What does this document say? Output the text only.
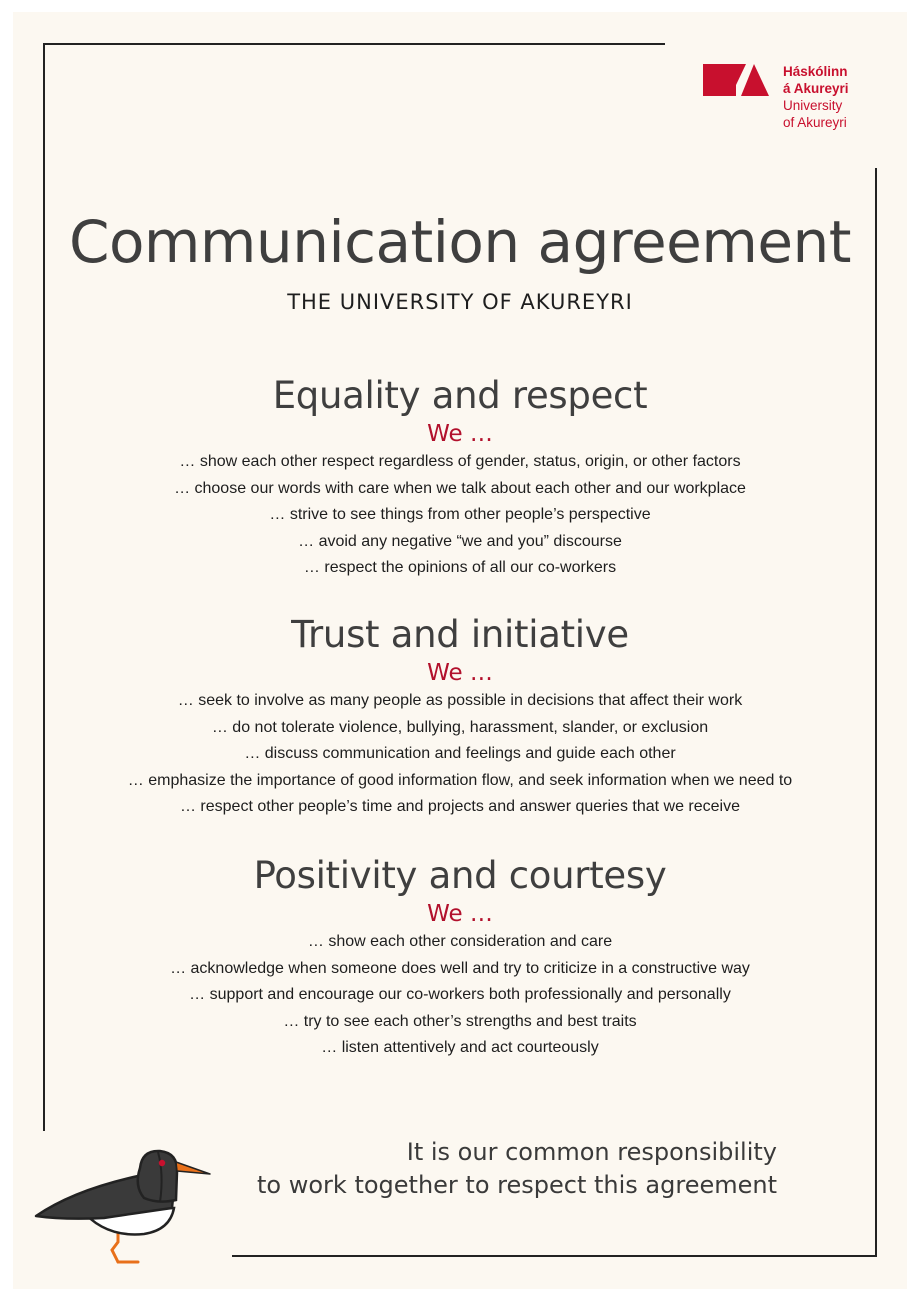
Háskólinn
á Akureyri
University
of Akureyri
Communication agreement
THE UNIVERSITY OF AKUREYRI
Equality and respect
We …
… show each other respect regardless of gender, status, origin, or other factors
… choose our words with care when we talk about each other and our workplace
… strive to see things from other people’s perspective
… avoid any negative “we and you” discourse
… respect the opinions of all our co-workers
Trust and initiative
We …
… seek to involve as many people as possible in decisions that affect their work
… do not tolerate violence, bullying, harassment, slander, or exclusion
… discuss communication and feelings and guide each other
… emphasize the importance of good information flow, and seek information when we need to
… respect other people’s time and projects and answer queries that we receive
Positivity and courtesy
We …
… show each other consideration and care
… acknowledge when someone does well and try to criticize in a constructive way
… support and encourage our co-workers both professionally and personally
… try to see each other’s strengths and best traits
… listen attentively and act courteously
It is our common responsibility
to work together to respect this agreement
